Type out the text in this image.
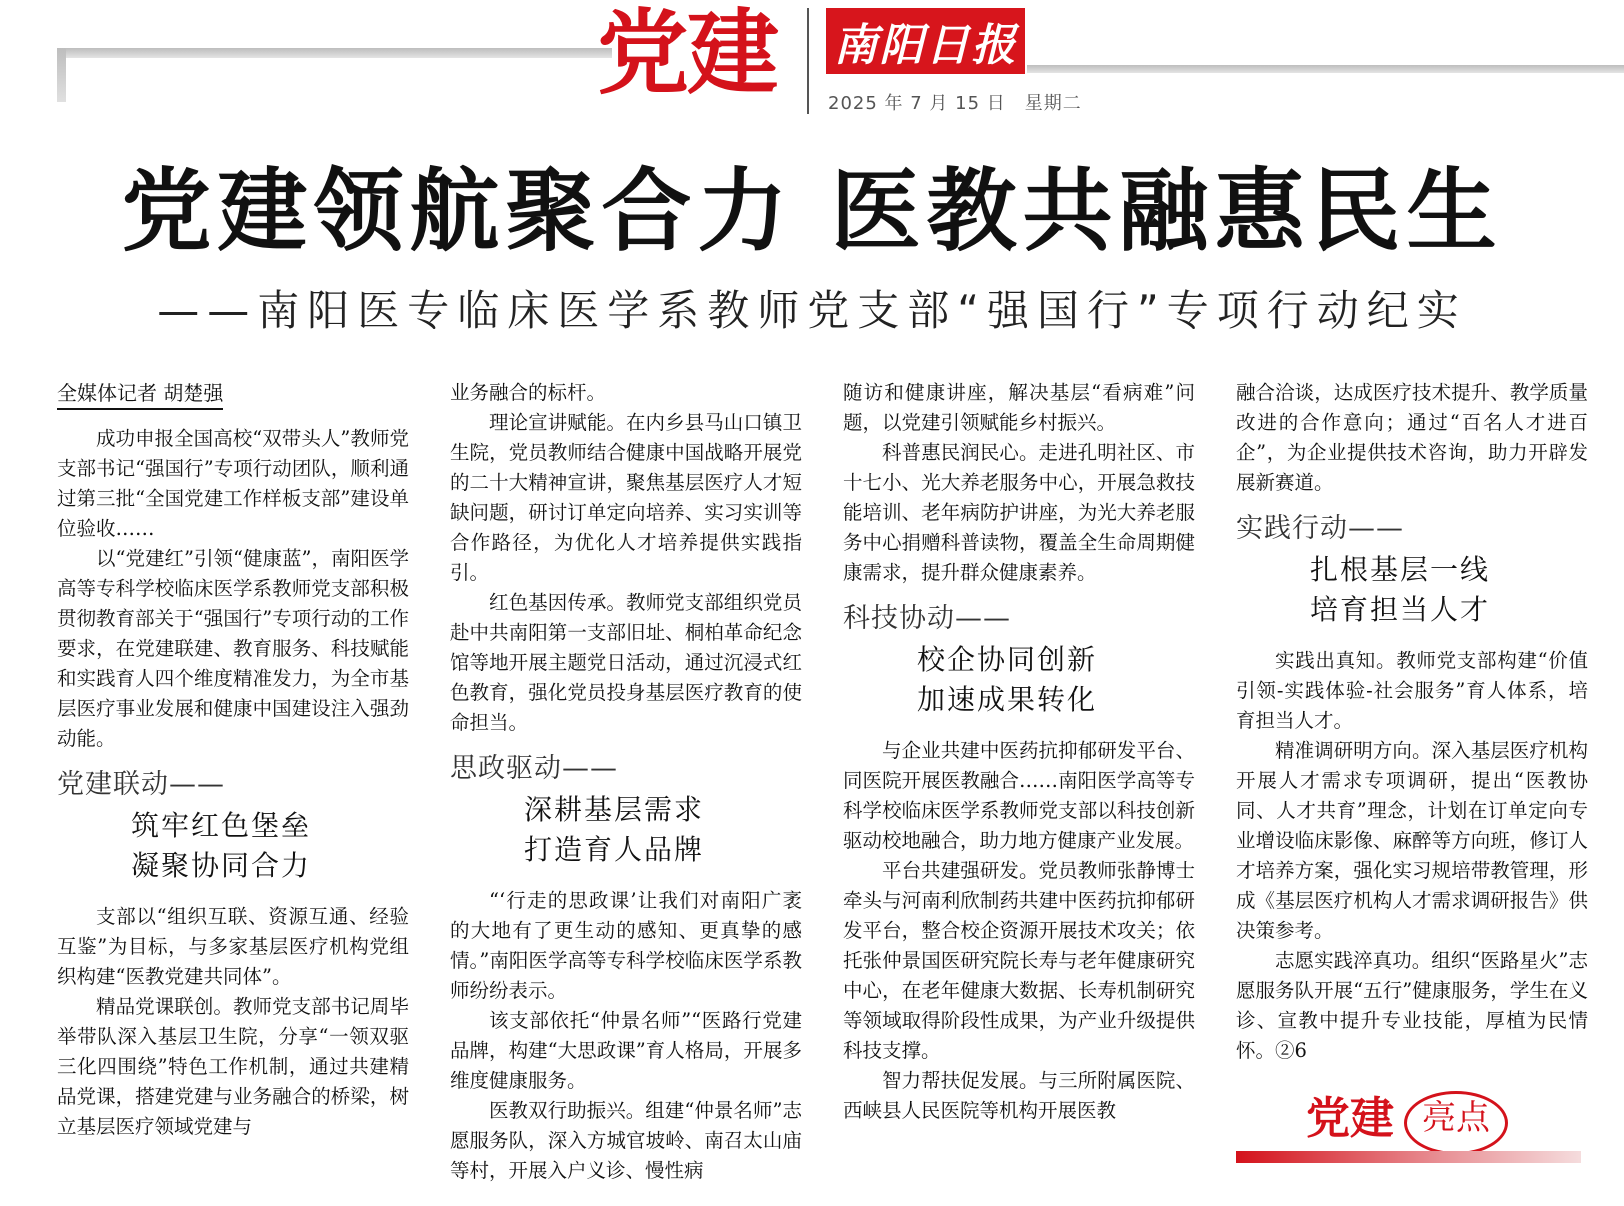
党建 南阳日报
2025 年 7 月 15 日　星期二
党建领航聚合力 医教共融惠民生
——南阳医专临床医学系教师党支部“强国行”专项行动纪实
全媒体记者 胡楚强

成功申报全国高校“双带头人”教师党支部书记“强国行”专项行动团队，顺利通过第三批“全国党建工作样板支部”建设单位验收……

以“党建红”引领“健康蓝”，南阳医学高等专科学校临床医学系教师党支部积极贯彻教育部关于“强国行”专项行动的工作要求，在党建联建、教育服务、科技赋能和实践育人四个维度精准发力，为全市基层医疗事业发展和健康中国建设注入强劲动能。

党建联动——
筑牢红色堡垒
凝聚协同合力

支部以“组织互联、资源互通、经验互鉴”为目标，与多家基层医疗机构党组织构建“医教党建共同体”。

精品党课联创。教师党支部书记周毕举带队深入基层卫生院，分享“一领双驱三化四围绕”特色工作机制，通过共建精品党课，搭建党建与业务融合的桥梁，树立基层医疗领域党建与

业务融合的标杆。

理论宣讲赋能。在内乡县马山口镇卫生院，党员教师结合健康中国战略开展党的二十大精神宣讲，聚焦基层医疗人才短缺问题，研讨订单定向培养、实习实训等合作路径，为优化人才培养提供实践指引。

红色基因传承。教师党支部组织党员赴中共南阳第一支部旧址、桐柏革命纪念馆等地开展主题党日活动，通过沉浸式红色教育，强化党员投身基层医疗教育的使命担当。

思政驱动——
深耕基层需求
打造育人品牌

“‘行走的思政课’让我们对南阳广袤的大地有了更生动的感知、更真挚的感情。”南阳医学高等专科学校临床医学系教师纷纷表示。

该支部依托“仲景名师”“医路行党建品牌，构建“大思政课”育人格局，开展多维度健康服务。

医教双行助振兴。组建“仲景名师”志愿服务队，深入方城官坡岭、南召太山庙等村，开展入户义诊、慢性病

随访和健康讲座，解决基层“看病难”问题，以党建引领赋能乡村振兴。

科普惠民润民心。走进孔明社区、市十七小、光大养老服务中心，开展急救技能培训、老年病防护讲座，为光大养老服务中心捐赠科普读物，覆盖全生命周期健康需求，提升群众健康素养。

科技协动——
校企协同创新
加速成果转化

与企业共建中医药抗抑郁研发平台、同医院开展医教融合……南阳医学高等专科学校临床医学系教师党支部以科技创新驱动校地融合，助力地方健康产业发展。

平台共建强研发。党员教师张静博士牵头与河南利欣制药共建中医药抗抑郁研发平台，整合校企资源开展技术攻关；依托张仲景国医研究院长寿与老年健康研究中心，在老年健康大数据、长寿机制研究等领域取得阶段性成果，为产业升级提供科技支撑。

智力帮扶促发展。与三所附属医院、西峡县人民医院等机构开展医教

融合洽谈，达成医疗技术提升、教学质量改进的合作意向；通过“百名人才进百企”，为企业提供技术咨询，助力开辟发展新赛道。

实践行动——
扎根基层一线
培育担当人才

实践出真知。教师党支部构建“价值引领-实践体验-社会服务”育人体系，培育担当人才。

精准调研明方向。深入基层医疗机构开展人才需求专项调研，提出“医教协同、人才共育”理念，计划在订单定向专业增设临床影像、麻醉等方向班，修订人才培养方案，强化实习规培带教管理，形成《基层医疗机构人才需求调研报告》供决策参考。

志愿实践淬真功。组织“医路星火”志愿服务队开展“五行”健康服务，学生在义诊、宣教中提升专业技能，厚植为民情怀。②6

党建 亮点
